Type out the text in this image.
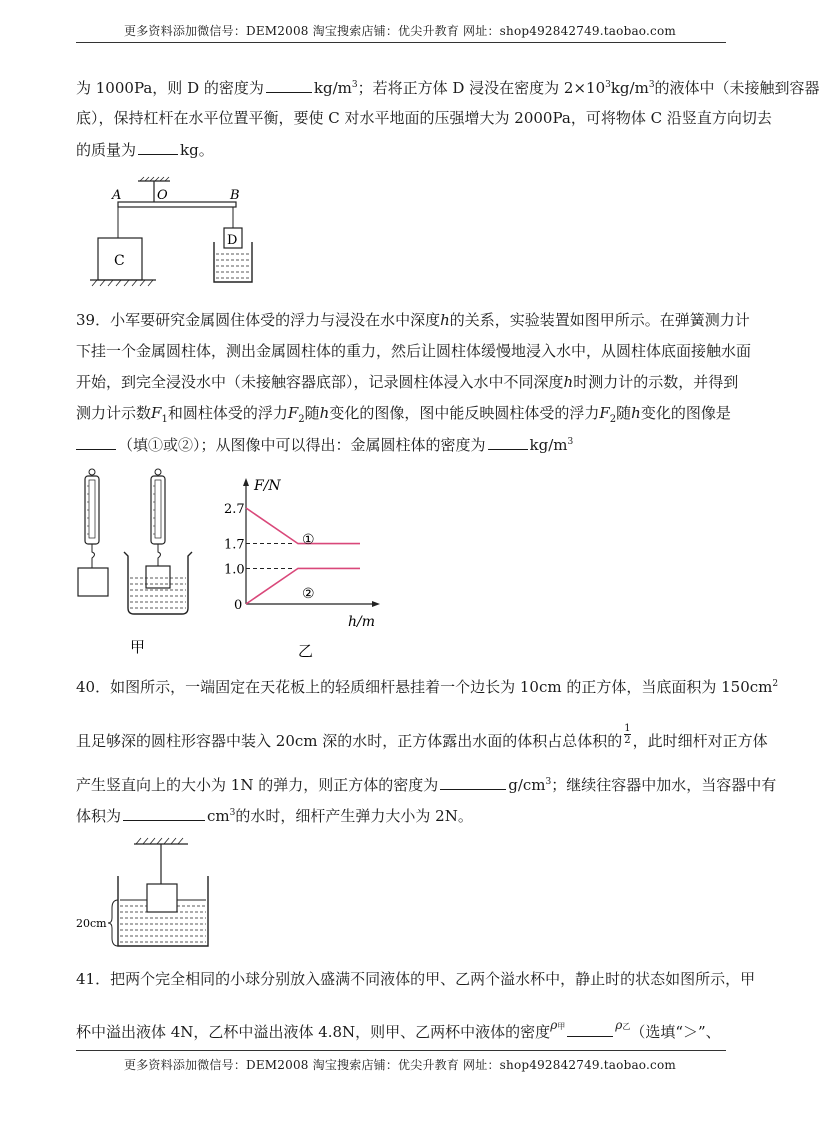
更多资料添加微信号：DEM2008 淘宝搜索店铺：优尖升教育 网址：shop492842749.taobao.com
为 1000Pa，则 D 的密度为	$kg/m^3$；若将正方体 D 浸没在密度为 $2\times 10^3kg/m^3$的液体中（未接触到容器
底），保持杠杆在水平位置平衡，要使 C 对水平地面的压强增大为 2000Pa，可将物体 C 沿竖直方向切去
的质量为	kg。
A	O	B
C
D
39．小军要研究金属圆住体受的浮力与浸没在水中深度h的关系，实验装置如图甲所示。在弹簧测力计
下挂一个金属圆柱体，测出金属圆柱体的重力，然后让圆柱体缓慢地浸入水中，从圆柱体底面接触水面
开始，到完全浸没水中（未接触容器底部），记录圆柱体浸入水中不同深度h时测力计的示数，并得到
测力计示数$F_1$和圆柱体受的浮力$F_2$随h变化的图像，图中能反映圆柱体受的浮力$F_2$随h变化的图像是
（填①或②）；从图像中可以得出：金属圆柱体的密度为	$kg/m^3$
甲
F/N
h/m
2.7
1.7
1.0
0
①
②
乙
40．如图所示，一端固定在天花板上的轻质细杆悬挂着一个边长为 10cm 的正方体，当底面积为 $150cm^2$
且足够深的圆柱形容器中装入 20cm 深的水时，正方体露出水面的体积占总体积的 $\frac{1}{2}$ ，此时细杆对正方体
产生竖直向上的大小为 1N 的弹力，则正方体的密度为	$g/cm^3$；继续往容器中加水，当容器中有
体积为	$cm^3$的水时，细杆产生弹力大小为 2N。
20cm
41．把两个完全相同的小球分别放入盛满不同液体的甲、乙两个溢水杯中，静止时的状态如图所示，甲
杯中溢出液体 4N，乙杯中溢出液体 4.8N，则甲、乙两杯中液体的密度ρ甲	ρ乙（选填“＞”、
更多资料添加微信号：DEM2008 淘宝搜索店铺：优尖升教育 网址：shop492842749.taobao.com
